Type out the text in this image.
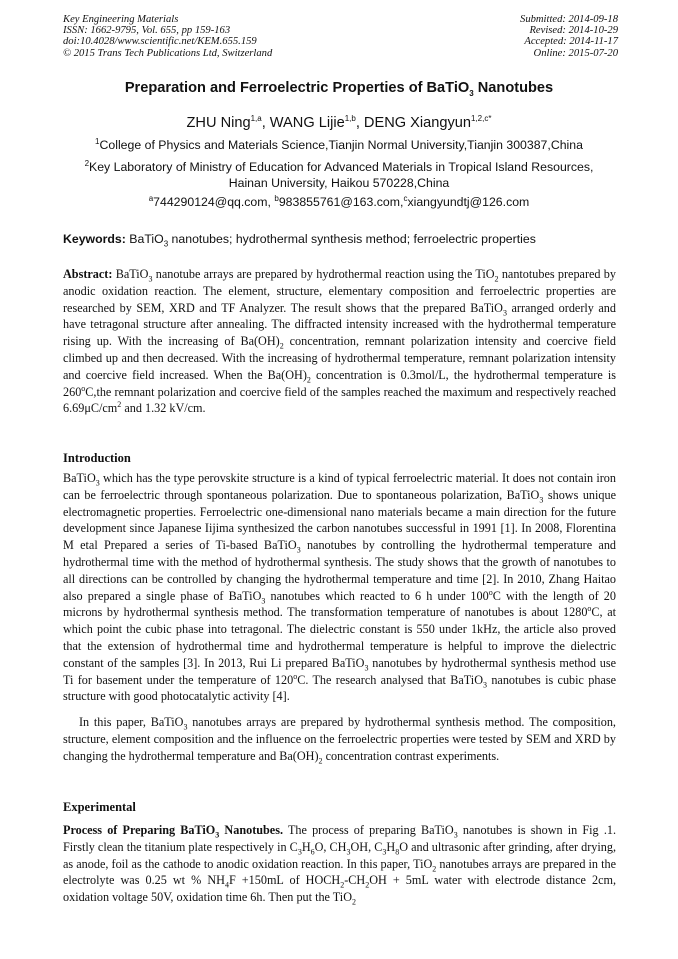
Key Engineering Materials
ISSN: 1662-9795, Vol. 655, pp 159-163
doi:10.4028/www.scientific.net/KEM.655.159
© 2015 Trans Tech Publications Ltd, Switzerland
Submitted: 2014-09-18
Revised: 2014-10-29
Accepted: 2014-11-17
Online: 2015-07-20
Preparation and Ferroelectric Properties of BaTiO$_3$ Nanotubes
ZHU Ning$^{1,a}$, WANG Lijie$^{1,b}$, DENG Xiangyun$^{1,2,c*}$
$^1$College of Physics and Materials Science,Tianjin Normal University,Tianjin 300387,China
$^2$Key Laboratory of Ministry of Education for Advanced Materials in Tropical Island Resources,
Hainan University, Haikou 570228,China
$^a$744290124@qq.com, $^b$983855761@163.com,$^c$xiangyundtj@126.com
Keywords: BaTiO$_3$ nanotubes; hydrothermal synthesis method; ferroelectric properties
Abstract: BaTiO$_3$ nanotube arrays are prepared by hydrothermal reaction using the TiO$_2$ nantotubes prepared by anodic oxidation reaction. The element, structure, elementary composition and ferroelectric properties are researched by SEM, XRD and TF Analyzer. The result shows that the prepared BaTiO$_3$ arranged orderly and have tetragonal structure after annealing. The diffracted intensity increased with the hydrothermal temperature rising up. With the increasing of $Ba(OH)_2$ concentration, remnant polarization intensity and coercive field climbed up and then decreased. With the increasing of hydrothermal temperature, remnant polarization intensity and coercive field increased. When the $Ba(OH)_2$ concentration is 0.3mol/L, the hydrothermal temperature is 260$^o$C,the remnant polarization and coercive field of the samples reached the maximum and respectively reached $6.69\mu C/cm^2$ and 1.32 kV/cm.
Introduction
BaTiO$_3$ which has the type perovskite structure is a kind of typical ferroelectric material. It does not contain iron can be ferroelectric through spontaneous polarization. Due to spontaneous polarization, BaTiO$_3$ shows unique electromagnetic properties. Ferroelectric one-dimensional nano materials became a main direction for the future development since Japanese Iijima synthesized the carbon nanotubes successful in 1991 [1]. In 2008, Florentina M etal Prepared a series of Ti-based BaTiO$_3$ nanotubes by controlling the hydrothermal temperature and hydrothermal time with the method of hydrothermal synthesis. The study shows that the growth of nanotubes to all directions can be controlled by changing the hydrothermal temperature and time [2]. In 2010, Zhang Haitao also prepared a single phase of BaTiO$_3$ nanotubes which reacted to 6 h under 100$^o$C with the length of 20 microns by hydrothermal synthesis method. The transformation temperature of nanotubes is about 1280$^o$C, at which point the cubic phase into tetragonal. The dielectric constant is 550 under 1kHz, the article also proved that the extension of hydrothermal time and hydrothermal temperature is helpful to improve the dielectric constant of the samples [3]. In 2013, Rui Li prepared BaTiO$_3$ nanotubes by hydrothermal synthesis method use Ti for basement under the temperature of 120$^o$C. The research analysed that BaTiO$_3$ nanotubes is cubic phase structure with good photocatalytic activity [4].
In this paper, BaTiO$_3$ nanotubes arrays are prepared by hydrothermal synthesis method. The composition, structure, element composition and the influence on the ferroelectric properties were tested by SEM and XRD by changing the hydrothermal temperature and $Ba(OH)_2$ concentration contrast experiments.
Experimental
Process of Preparing BaTiO$_3$ Nanotubes. The process of preparing BaTiO$_3$ nanotubes is shown in Fig .1. Firstly clean the titanium plate respectively in $C_3H_6O$, $CH_3OH$, $C_3H_8O$ and ultrasonic after grinding, after drying, as anode, foil as the cathode to anodic oxidation reaction. In this paper, TiO$_2$ nanotubes arrays are prepared in the electrolyte was 0.25 wt % $NH_4F +150mL$ of $HOCH_2-CH_2OH + 5mL$ water with electrode distance 2cm, oxidation voltage 50V, oxidation time 6h. Then put the TiO$_2$
